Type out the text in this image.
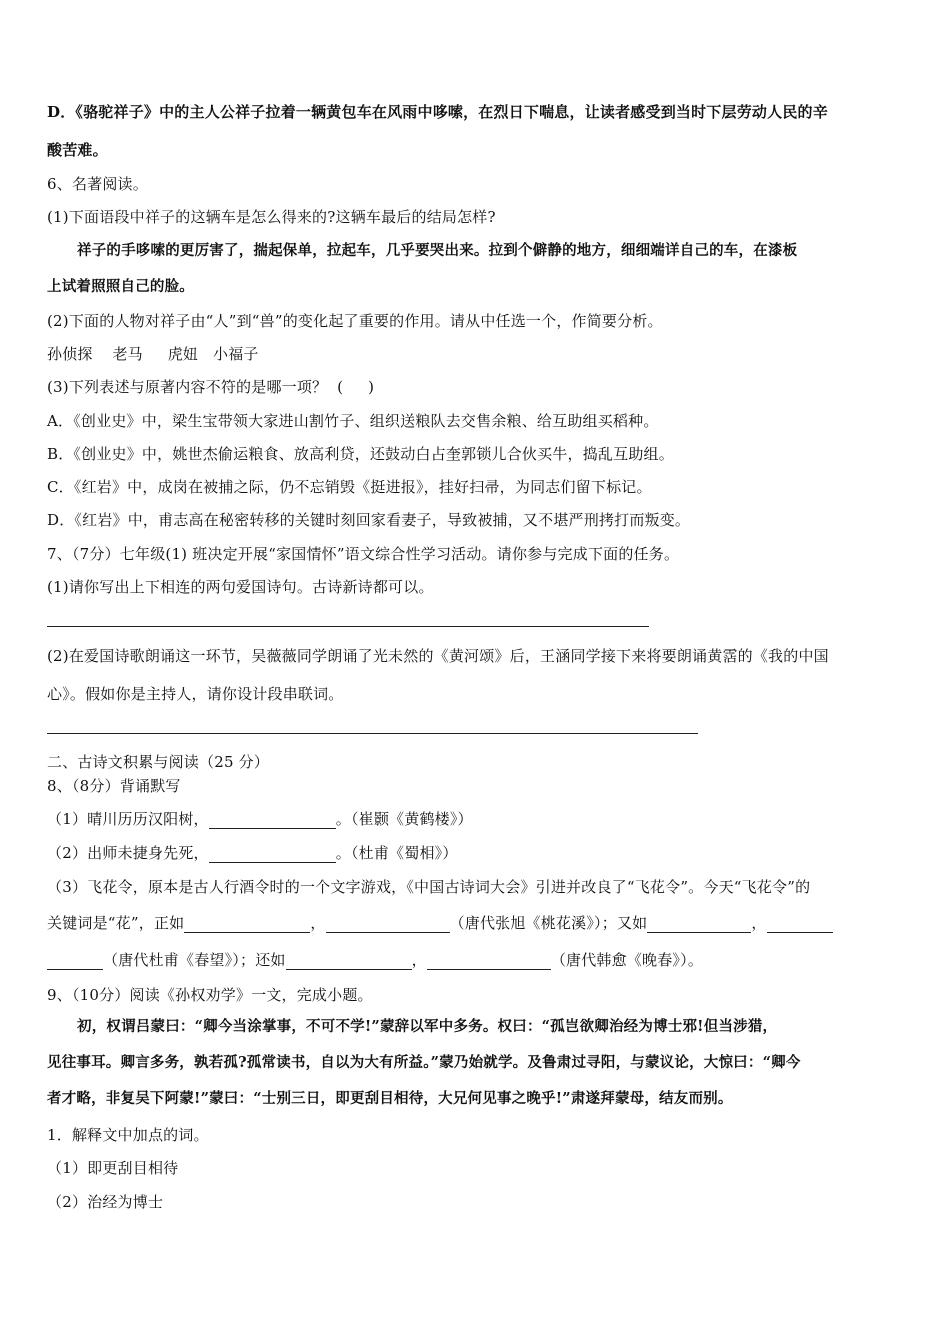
D．《骆驼祥子》中的主人公祥子拉着一辆黄包车在风雨中哆嗦，在烈日下喘息，让读者感受到当时下层劳动人民的辛
酸苦难。
6、名著阅读。
(1)下面语段中祥子的这辆车是怎么得来的?这辆车最后的结局怎样?
祥子的手哆嗦的更厉害了，揣起保单，拉起车，几乎要哭出来。拉到个僻静的地方，细细端详自己的车，在漆板
上试着照照自己的脸。
(2)下面的人物对祥子由“人”到“兽”的变化起了重要的作用。请从中任选一个，作简要分析。
孙侦探    老马     虎妞   小福子
(3)下列表述与原著内容不符的是哪一项？  (     )
A．《创业史》中，梁生宝带领大家进山割竹子、组织送粮队去交售余粮、给互助组买稻种。
B．《创业史》中，姚世杰偷运粮食、放高利贷，还鼓动白占奎郭锁儿合伙买牛，捣乱互助组。
C．《红岩》中，成岗在被捕之际，仍不忘销毁《挺进报》，挂好扫帚，为同志们留下标记。
D．《红岩》中，甫志高在秘密转移的关键时刻回家看妻子，导致被捕，又不堪严刑拷打而叛变。
7、（7分）七年级(1) 班决定开展“家国情怀”语文综合性学习活动。请你参与完成下面的任务。
(1)请你写出上下相连的两句爱国诗句。古诗新诗都可以。
(2)在爱国诗歌朗诵这一环节，吴薇薇同学朗诵了光未然的《黄河颂》后，王涵同学接下来将要朗诵黄霑的《我的中国
心》。假如你是主持人，请你设计段串联词。
二、古诗文积累与阅读（25 分）
8、（8分）背诵默写
（1）晴川历历汉阳树，	。（崔颢《黄鹤楼》）
（2）出师未捷身先死，	。（杜甫《蜀相》）
（3）飞花令，原本是古人行酒令时的一个文字游戏，《中国古诗词大会》引进并改良了“飞花令”。今天“飞花令”的
关键词是“花”，正如	，	（唐代张旭《桃花溪》）；又如	，
（唐代杜甫《春望》）；还如	，	（唐代韩愈《晚春》）。
9、（10分）阅读《孙权劝学》一文，完成小题。
初，权谓吕蒙曰：“卿今当涂掌事，不可不学!”蒙辞以军中多务。权曰：“孤岂欲卿治经为博士邪!但当涉猎，
见往事耳。卿言多务，孰若孤?孤常读书，自以为大有所益。”蒙乃始就学。及鲁肃过寻阳，与蒙议论，大惊曰：“卿今
者才略，非复吴下阿蒙!”蒙曰：“士别三日，即更刮目相待，大兄何见事之晚乎!”肃遂拜蒙母，结友而别。
1．解释文中加点的词。
（1）即更刮目相待
（2）治经为博士
